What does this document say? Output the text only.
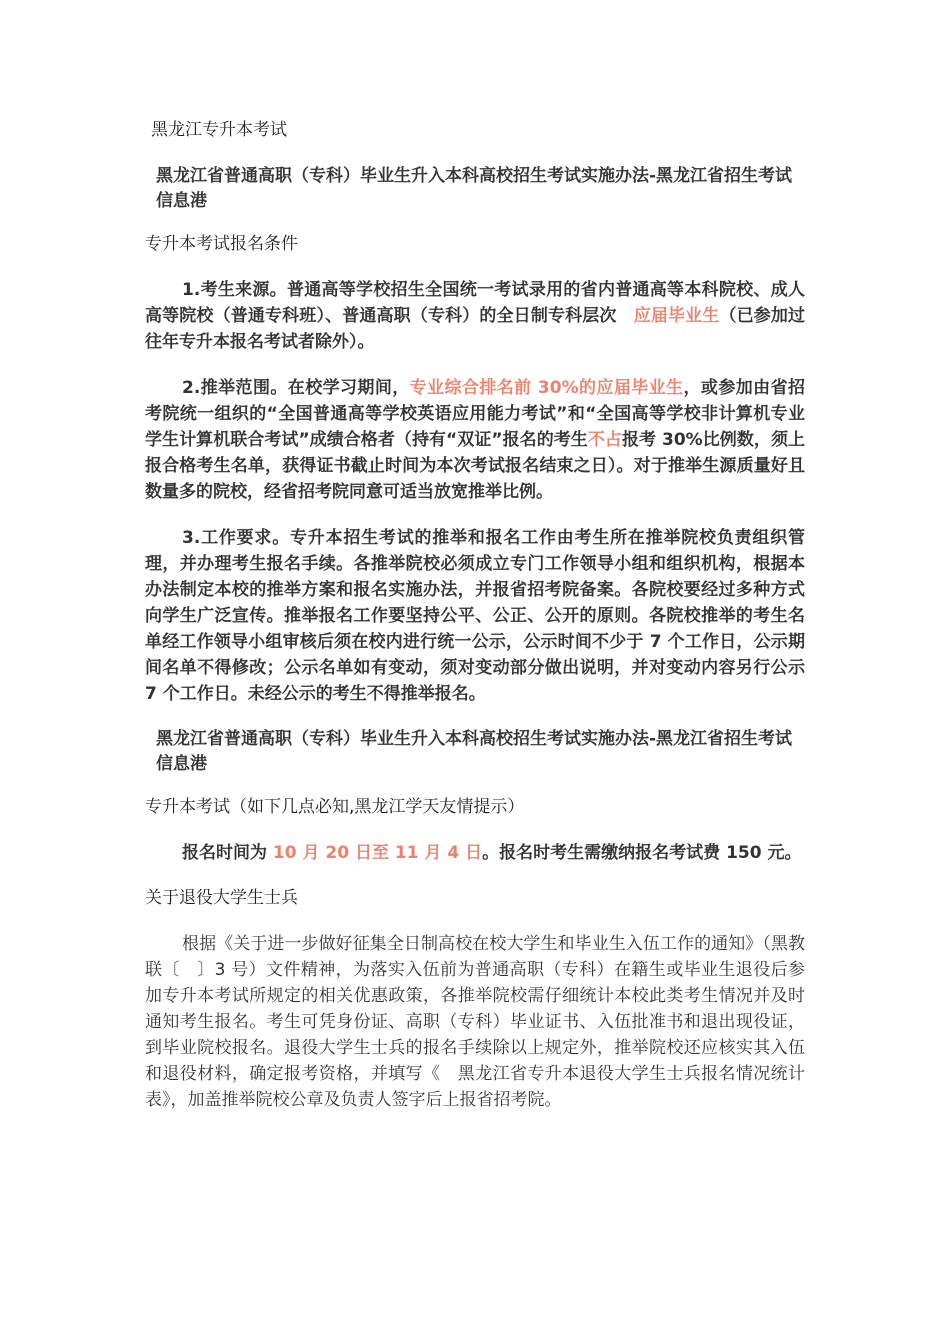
黑龙江专升本考试
黑龙江省普通高职（专科）毕业生升入本科高校招生考试实施办法-黑龙江省招生考试信息港
专升本考试报名条件

1.考生来源。普通高等学校招生全国统一考试录用的省内普通高等本科院校、成人高等院校（普通专科班）、普通高职（专科）的全日制专科层次　应届毕业生（已参加过往年专升本报名考试者除外）。

2.推举范围。在校学习期间，专业综合排名前 30%的应届毕业生，或参加由省招考院统一组织的“全国普通高等学校英语应用能力考试”和“全国高等学校非计算机专业学生计算机联合考试”成绩合格者（持有“双证”报名的考生不占报考 30%比例数，须上报合格考生名单，获得证书截止时间为本次考试报名结束之日）。对于推举生源质量好且数量多的院校，经省招考院同意可适当放宽推举比例。

3.工作要求。专升本招生考试的推举和报名工作由考生所在推举院校负责组织管理，并办理考生报名手续。各推举院校必须成立专门工作领导小组和组织机构，根据本办法制定本校的推举方案和报名实施办法，并报省招考院备案。各院校要经过多种方式向学生广泛宣传。推举报名工作要坚持公平、公正、公开的原则。各院校推举的考生名单经工作领导小组审核后须在校内进行统一公示，公示时间不少于 7 个工作日，公示期间名单不得修改；公示名单如有变动，须对变动部分做出说明，并对变动内容另行公示 7 个工作日。未经公示的考生不得推举报名。

黑龙江省普通高职（专科）毕业生升入本科高校招生考试实施办法-黑龙江省招生考试信息港
专升本考试（如下几点必知,黑龙江学天友情提示）

报名时间为 10 月 20 日至 11 月 4 日。报名时考生需缴纳报名考试费 150 元。

关于退役大学生士兵

根据《关于进一步做好征集全日制高校在校大学生和毕业生入伍工作的通知》（黑教联〔　〕3 号）文件精神，为落实入伍前为普通高职（专科）在籍生或毕业生退役后参加专升本考试所规定的相关优惠政策，各推举院校需仔细统计本校此类考生情况并及时通知考生报名。考生可凭身份证、高职（专科）毕业证书、入伍批准书和退出现役证，到毕业院校报名。退役大学生士兵的报名手续除以上规定外，推举院校还应核实其入伍和退役材料，确定报考资格，并填写《　黑龙江省专升本退役大学生士兵报名情况统计表》，加盖推举院校公章及负责人签字后上报省招考院。
